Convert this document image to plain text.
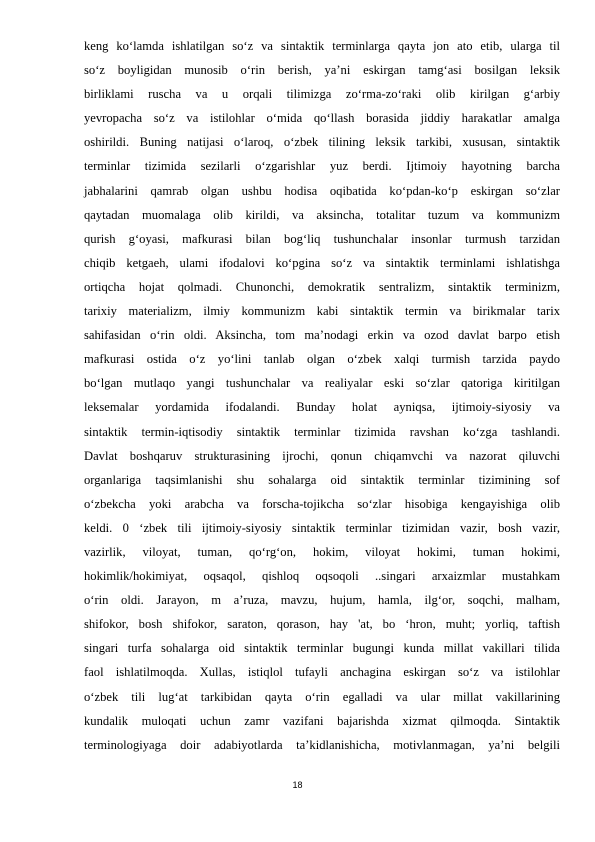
keng ko‘lamda ishlatilgan so‘z va sintaktik terminlarga qayta jon ato etib, ularga til
so‘z boyligidan munosib o‘rin berish, ya’ni eskirgan tamg‘asi bosilgan leksik
birliklami ruscha va u orqali tilimizga zo‘rma-zo‘raki olib kirilgan g‘arbiy
yevropacha so‘z va istilohlar o‘mida qo‘llash borasida jiddiy harakatlar amalga
oshirildi. Buning natijasi o‘laroq, o‘zbek tilining leksik tarkibi, xususan, sintaktik
terminlar tizimida sezilarli o‘zgarishlar yuz berdi. Ijtimoiy hayotning barcha
jabhalarini qamrab olgan ushbu hodisa oqibatida ko‘pdan-ko‘p eskirgan so‘zlar
qaytadan muomalaga olib kirildi, va aksincha, totalitar tuzum va kommunizm
qurish g‘oyasi, mafkurasi bilan bog‘liq tushunchalar insonlar turmush tarzidan
chiqib ketgaeh, ulami ifodalovi ko‘pgina so‘z va sintaktik terminlami ishlatishga
ortiqcha hojat qolmadi. Chunonchi, demokratik sentralizm, sintaktik terminizm,
tarixiy materializm, ilmiy kommunizm kabi sintaktik termin va birikmalar tarix
sahifasidan o‘rin oldi. Aksincha, tom ma’nodagi erkin va ozod davlat barpo etish
mafkurasi ostida o‘z yo‘lini tanlab olgan o‘zbek xalqi turmish tarzida paydo
bo‘lgan mutlaqo yangi tushunchalar va realiyalar eski so‘zlar qatoriga kiritilgan
leksemalar yordamida ifodalandi. Bunday holat ayniqsa, ijtimoiy-siyosiy va
sintaktik termin-iqtisodiy sintaktik terminlar tizimida ravshan ko‘zga tashlandi.
Davlat boshqaruv strukturasining ijrochi, qonun chiqamvchi va nazorat qiluvchi
organlariga taqsimlanishi shu sohalarga oid sintaktik terminlar tizimining sof
o‘zbekcha yoki arabcha va forscha-tojikcha so‘zlar hisobiga kengayishiga olib
keldi. 0 ‘zbek tili ijtimoiy-siyosiy sintaktik terminlar tizimidan vazir, bosh vazir,
vazirlik, viloyat, tuman, qo‘rg‘on, hokim, viloyat hokimi, tuman hokimi,
hokimlik/hokimiyat, oqsaqol, qishloq oqsoqoli ..singari arxaizmlar mustahkam
o‘rin oldi. Jarayon, m a’ruza, mavzu, hujum, hamla, ilg‘or, soqchi, malham,
shifokor, bosh shifokor, saraton, qorason, hay 'at, bo ‘hron, muht; yorliq, taftish
singari turfa sohalarga oid sintaktik terminlar bugungi kunda millat vakillari tilida
faol ishlatilmoqda. Xullas, istiqlol tufayli anchagina eskirgan so‘z va istilohlar
o‘zbek tili lug‘at tarkibidan qayta o‘rin egalladi va ular millat vakillarining
kundalik muloqati uchun zamr vazifani bajarishda xizmat qilmoqda. Sintaktik
terminologiyaga doir adabiyotlarda ta’kidlanishicha, motivlanmagan, ya’ni belgili
18
